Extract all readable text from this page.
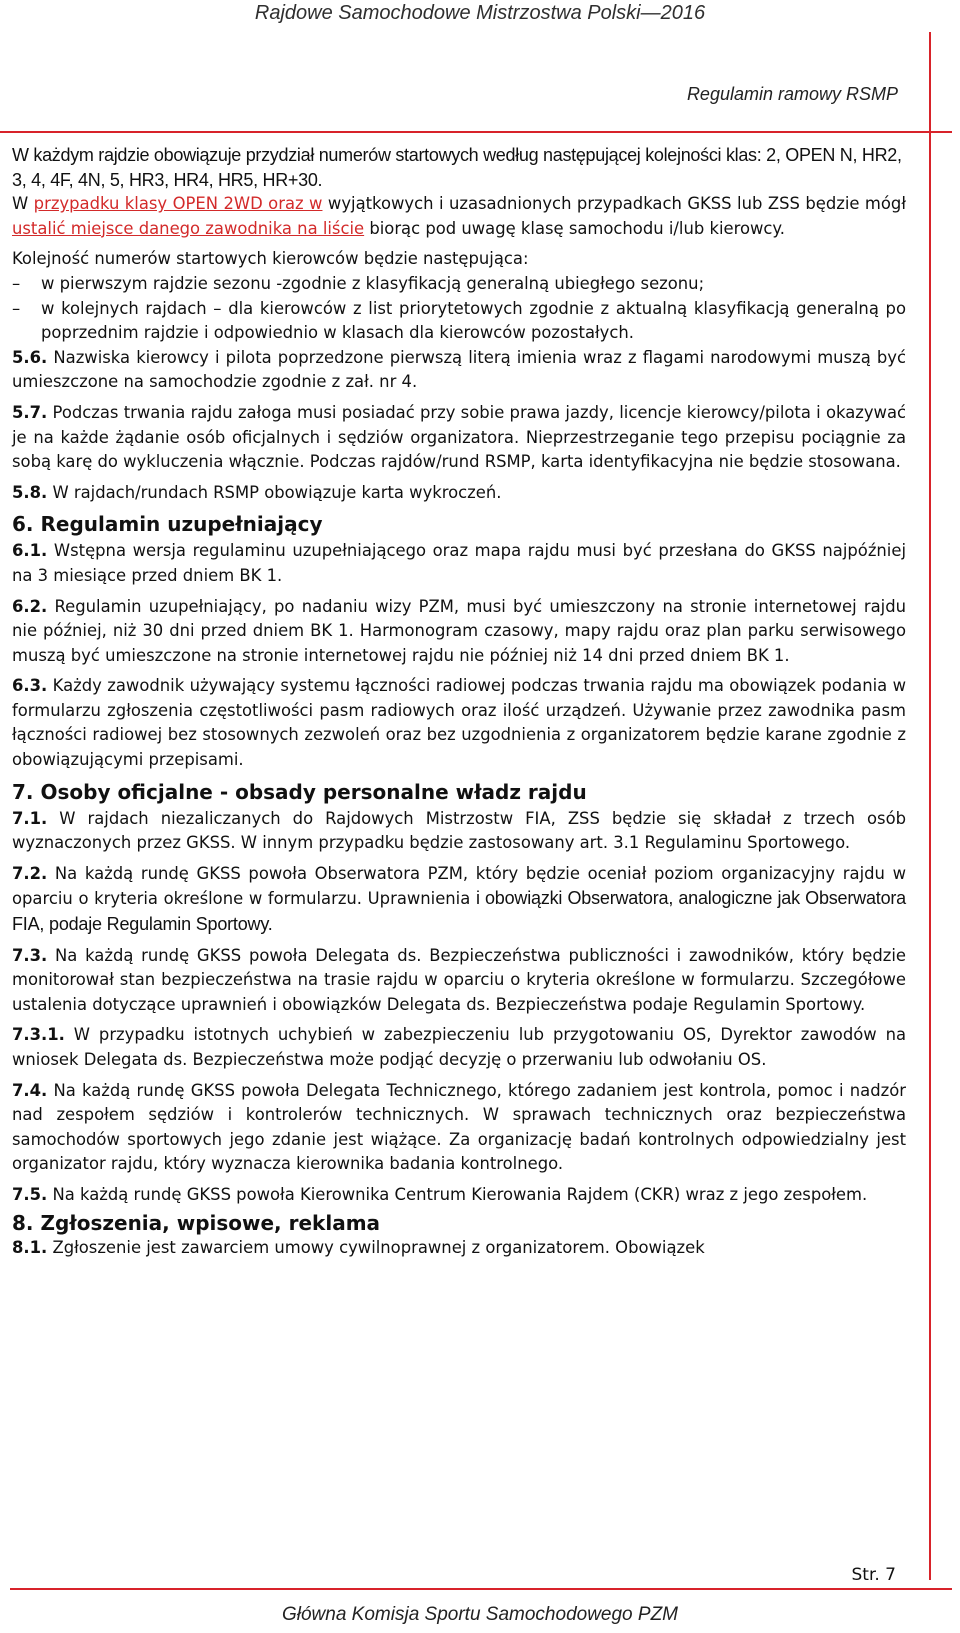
Rajdowe Samochodowe Mistrzostwa Polski—2016
Regulamin ramowy RSMP

W każdym rajdzie obowiązuje przydział numerów startowych według następującej kolejności klas: 2, OPEN N, HR2, 3, 4, 4F, 4N, 5, HR3, HR4, HR5, HR+30.

W przypadku klasy OPEN 2WD oraz w wyjątkowych i uzasadnionych przypadkach GKSS lub ZSS będzie mógł ustalić miejsce danego zawodnika na liście biorąc pod uwagę klasę samochodu i/lub kierowcy.

Kolejność numerów startowych kierowców będzie następująca:

– w pierwszym rajdzie sezonu -zgodnie z klasyfikacją generalną ubiegłego sezonu;

– w kolejnych rajdach – dla kierowców z list priorytetowych zgodnie z aktualną klasyfikacją generalną po poprzednim rajdzie i odpowiednio w klasach dla kierowców pozostałych.

5.6. Nazwiska kierowcy i pilota poprzedzone pierwszą literą imienia wraz z flagami narodowymi muszą być umieszczone na samochodzie zgodnie z zał. nr 4.

5.7. Podczas trwania rajdu załoga musi posiadać przy sobie prawa jazdy, licencje kierowcy/pilota i okazywać je na każde żądanie osób oficjalnych i sędziów organizatora. Nieprzestrzeganie tego przepisu pociągnie za sobą karę do wykluczenia włącznie. Podczas rajdów/rund RSMP, karta identyfikacyjna nie będzie stosowana.

5.8. W rajdach/rundach RSMP obowiązuje karta wykroczeń.

6. Regulamin uzupełniający

6.1. Wstępna wersja regulaminu uzupełniającego oraz mapa rajdu musi być przesłana do GKSS najpóźniej na 3 miesiące przed dniem BK 1.

6.2. Regulamin uzupełniający, po nadaniu wizy PZM, musi być umieszczony na stronie internetowej rajdu nie później, niż 30 dni przed dniem BK 1. Harmonogram czasowy, mapy rajdu oraz plan parku serwisowego muszą być umieszczone na stronie internetowej rajdu nie później niż 14 dni przed dniem BK 1.

6.3. Każdy zawodnik używający systemu łączności radiowej podczas trwania rajdu ma obowiązek podania w formularzu zgłoszenia częstotliwości pasm radiowych oraz ilość urządzeń. Używanie przez zawodnika pasm łączności radiowej bez stosownych zezwoleń oraz bez uzgodnienia z organizatorem będzie karane zgodnie z obowiązującymi przepisami.

7. Osoby oficjalne - obsady personalne władz rajdu

7.1. W rajdach niezaliczanych do Rajdowych Mistrzostw FIA, ZSS będzie się składał z trzech osób wyznaczonych przez GKSS. W innym przypadku będzie zastosowany art. 3.1 Regulaminu Sportowego.

7.2. Na każdą rundę GKSS powoła Obserwatora PZM, który będzie oceniał poziom organizacyjny rajdu w oparciu o kryteria określone w formularzu. Uprawnienia i obowiązki Obserwatora, analogiczne jak Obserwatora FIA, podaje Regulamin Sportowy.

7.3. Na każdą rundę GKSS powoła Delegata ds. Bezpieczeństwa publiczności i zawodników, który będzie monitorował stan bezpieczeństwa na trasie rajdu w oparciu o kryteria określone w formularzu. Szczegółowe ustalenia dotyczące uprawnień i obowiązków Delegata ds. Bezpieczeństwa podaje Regulamin Sportowy.

7.3.1. W przypadku istotnych uchybień w zabezpieczeniu lub przygotowaniu OS, Dyrektor zawodów na wniosek Delegata ds. Bezpieczeństwa może podjąć decyzję o przerwaniu lub odwołaniu OS.

7.4. Na każdą rundę GKSS powoła Delegata Technicznego, którego zadaniem jest kontrola, pomoc i nadzór nad zespołem sędziów i kontrolerów technicznych. W sprawach technicznych oraz bezpieczeństwa samochodów sportowych jego zdanie jest wiążące. Za organizację badań kontrolnych odpowiedzialny jest organizator rajdu, który wyznacza kierownika badania kontrolnego.

7.5. Na każdą rundę GKSS powoła Kierownika Centrum Kierowania Rajdem (CKR) wraz z jego zespołem.

8. Zgłoszenia, wpisowe, reklama

8.1. Zgłoszenie jest zawarciem umowy cywilnoprawnej z organizatorem. Obowiązek

Str. 7
Główna Komisja Sportu Samochodowego PZM
